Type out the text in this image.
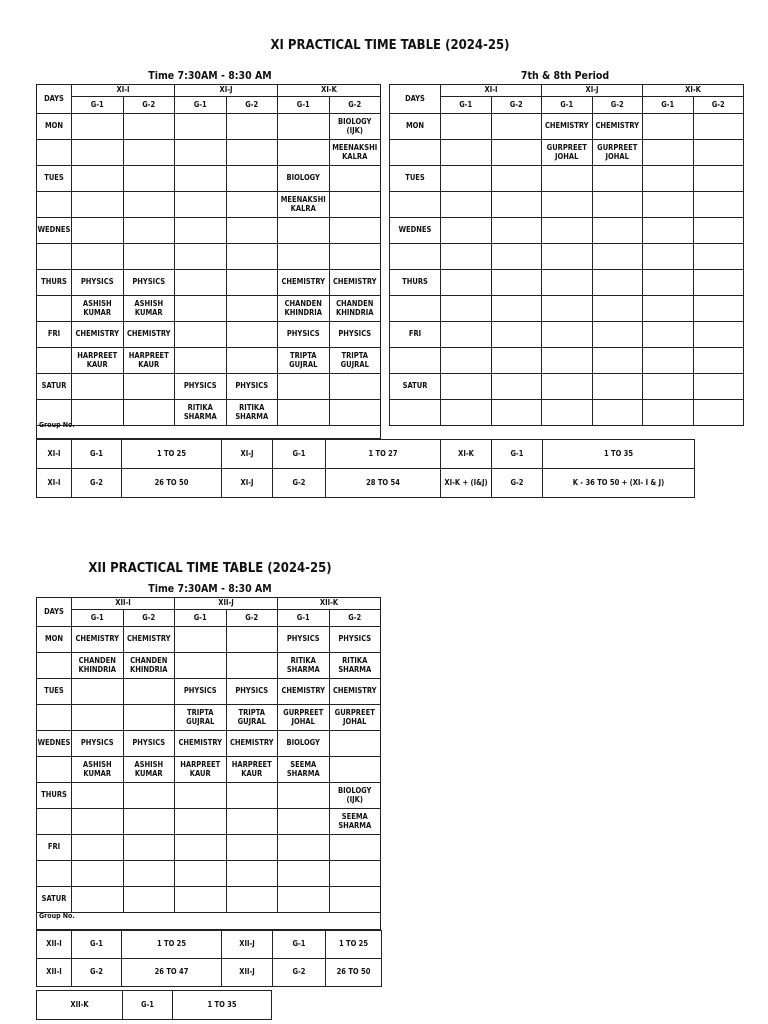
XI PRACTICAL TIME TABLE (2024-25)
Time 7:30AM - 8:30 AM	7th & 8th Period
DAYS	XI-I		XI-J		XI-K	
	G-1	G-2	G-1	G-2	G-1	G-2
MON						BIOLOGY (IJK)
						MEENAKSHI KALRA
TUES					BIOLOGY	
					MEENAKSHI KALRA	
WEDNES						

THURS	PHYSICS	PHYSICS			CHEMISTRY	CHEMISTRY
	ASHISH KUMAR	ASHISH KUMAR			CHANDEN KHINDRIA	CHANDEN KHINDRIA
FRI	CHEMISTRY	CHEMISTRY			PHYSICS	PHYSICS
	HARPREET KAUR	HARPREET KAUR			TRIPTA GUJRAL	TRIPTA GUJRAL
SATUR			PHYSICS	PHYSICS		
			RITIKA SHARMA	RITIKA SHARMA		
DAYS	XI-I		XI-J		XI-K	
	G-1	G-2	G-1	G-2	G-1	G-2
MON			CHEMISTRY	CHEMISTRY		
			GURPREET JOHAL	GURPREET JOHAL		
TUES						

WEDNES						

THURS						

FRI						

SATUR						

Group No.
XI-I	G-1	1 TO 25	XI-J	G-1	1 TO 27	XI-K	G-1	1 TO 35
XI-I	G-2	26 TO 50	XI-J	G-2	28 TO 54	XI-K + (I&J)	G-2	K - 36 TO 50 + (XI- I & J)
XII PRACTICAL TIME TABLE (2024-25)
Time 7:30AM - 8:30 AM
DAYS	XII-I		XII-J		XII-K	
	G-1	G-2	G-1	G-2	G-1	G-2
MON	CHEMISTRY	CHEMISTRY			PHYSICS	PHYSICS
	CHANDEN KHINDRIA	CHANDEN KHINDRIA			RITIKA SHARMA	RITIKA SHARMA
TUES			PHYSICS	PHYSICS	CHEMISTRY	CHEMISTRY
			TRIPTA GUJRAL	TRIPTA GUJRAL	GURPREET JOHAL	GURPREET JOHAL
WEDNES	PHYSICS	PHYSICS	CHEMISTRY	CHEMISTRY	BIOLOGY	
	ASHISH KUMAR	ASHISH KUMAR	HARPREET KAUR	HARPREET KAUR	SEEMA SHARMA	
THURS						BIOLOGY (IJK)
						SEEMA SHARMA
FRI						

SATUR						
Group No.
XII-I	G-1	1 TO 25	XII-J	G-1	1 TO 25
XII-I	G-2	26 TO 47	XII-J	G-2	26 TO 50
XII-K	G-1	1 TO 35
